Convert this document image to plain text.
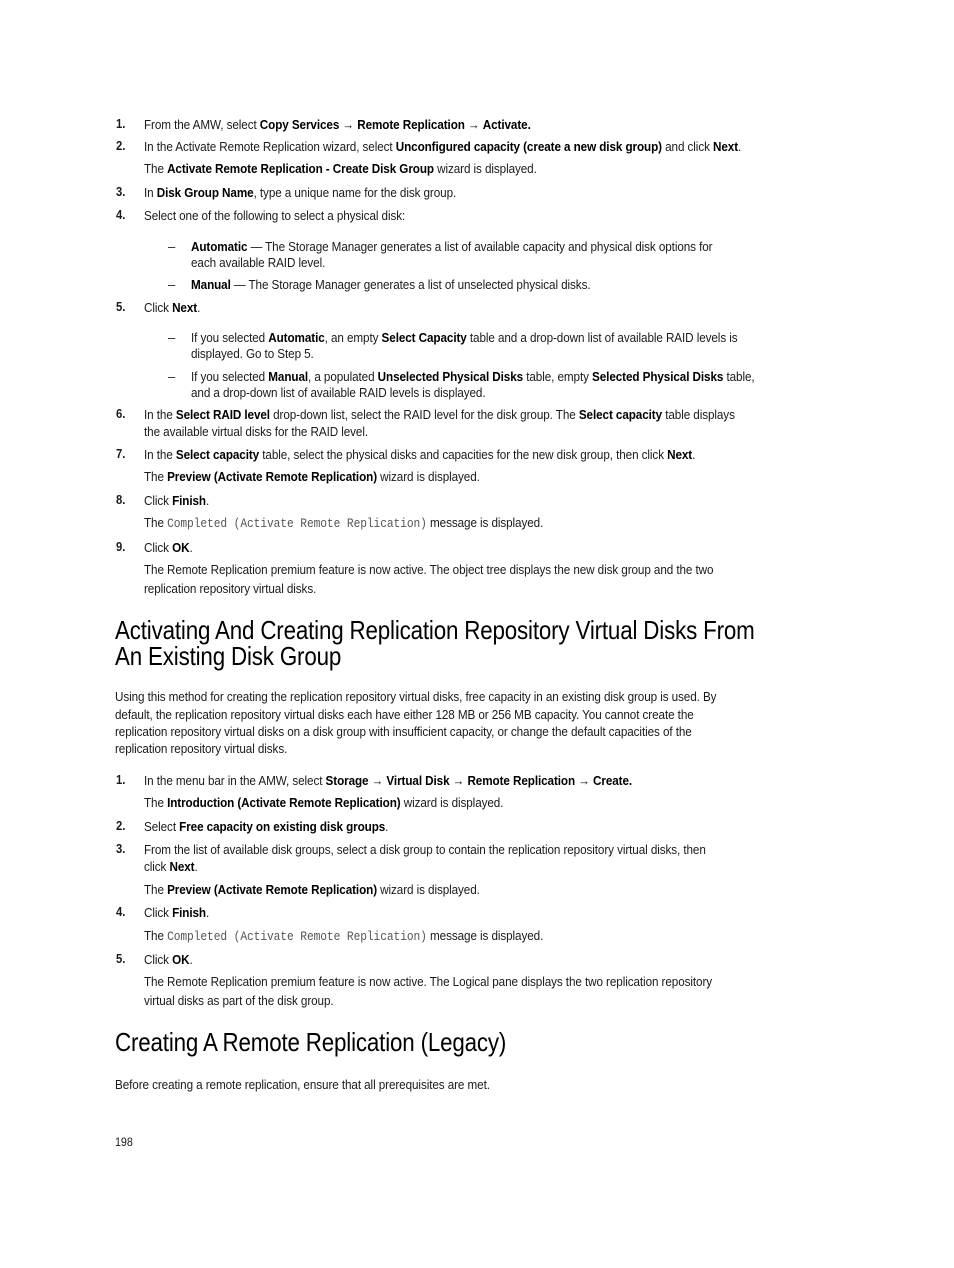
1. From the AMW, select Copy Services → Remote Replication → Activate.
2. In the Activate Remote Replication wizard, select Unconfigured capacity (create a new disk group) and click Next.
The Activate Remote Replication - Create Disk Group wizard is displayed.
3. In Disk Group Name, type a unique name for the disk group.
4. Select one of the following to select a physical disk:
– Automatic — The Storage Manager generates a list of available capacity and physical disk options for
each available RAID level.
– Manual — The Storage Manager generates a list of unselected physical disks.
5. Click Next.
– If you selected Automatic, an empty Select Capacity table and a drop-down list of available RAID levels is
displayed. Go to Step 5.
– If you selected Manual, a populated Unselected Physical Disks table, empty Selected Physical Disks table,
and a drop-down list of available RAID levels is displayed.
6. In the Select RAID level drop-down list, select the RAID level for the disk group. The Select capacity table displays
the available virtual disks for the RAID level.
7. In the Select capacity table, select the physical disks and capacities for the new disk group, then click Next.
The Preview (Activate Remote Replication) wizard is displayed.
8. Click Finish.
The Completed (Activate Remote Replication) message is displayed.
9. Click OK.
The Remote Replication premium feature is now active. The object tree displays the new disk group and the two
replication repository virtual disks.
Activating And Creating Replication Repository Virtual Disks From
An Existing Disk Group
Using this method for creating the replication repository virtual disks, free capacity in an existing disk group is used. By
default, the replication repository virtual disks each have either 128 MB or 256 MB capacity. You cannot create the
replication repository virtual disks on a disk group with insufficient capacity, or change the default capacities of the
replication repository virtual disks.
1. In the menu bar in the AMW, select Storage → Virtual Disk → Remote Replication → Create.
The Introduction (Activate Remote Replication) wizard is displayed.
2. Select Free capacity on existing disk groups.
3. From the list of available disk groups, select a disk group to contain the replication repository virtual disks, then
click Next.
The Preview (Activate Remote Replication) wizard is displayed.
4. Click Finish.
The Completed (Activate Remote Replication) message is displayed.
5. Click OK.
The Remote Replication premium feature is now active. The Logical pane displays the two replication repository
virtual disks as part of the disk group.
Creating A Remote Replication (Legacy)
Before creating a remote replication, ensure that all prerequisites are met.
198
